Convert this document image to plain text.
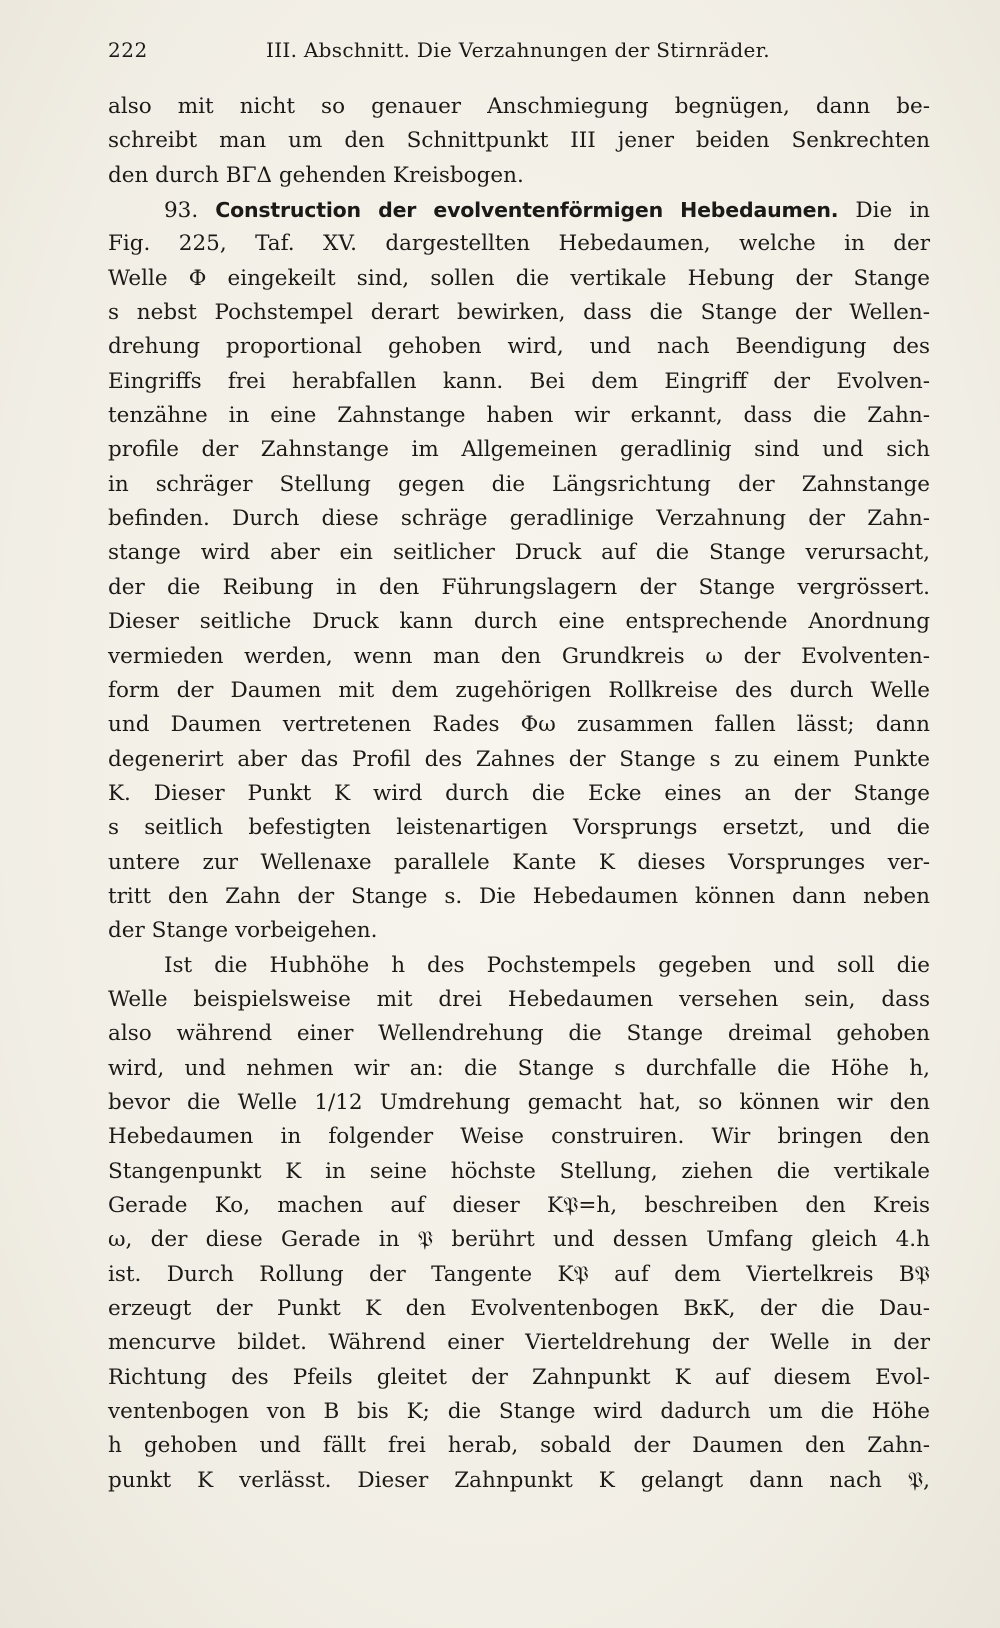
222	III. Abschnitt. Die Verzahnungen der Stirnräder.
also mit nicht so genauer Anschmiegung begnügen, dann be-
schreibt man um den Schnittpunkt III jener beiden Senkrechten
den durch BΓΔ gehenden Kreisbogen.
93. Construction der evolventenförmigen Hebedaumen. Die in
Fig. 225, Taf. XV. dargestellten Hebedaumen, welche in der
Welle Φ eingekeilt sind, sollen die vertikale Hebung der Stange
s nebst Pochstempel derart bewirken, dass die Stange der Wellen-
drehung proportional gehoben wird, und nach Beendigung des
Eingriffs frei herabfallen kann. Bei dem Eingriff der Evolven-
tenzähne in eine Zahnstange haben wir erkannt, dass die Zahn-
profile der Zahnstange im Allgemeinen geradlinig sind und sich
in schräger Stellung gegen die Längsrichtung der Zahnstange
befinden. Durch diese schräge geradlinige Verzahnung der Zahn-
stange wird aber ein seitlicher Druck auf die Stange verursacht,
der die Reibung in den Führungslagern der Stange vergrössert.
Dieser seitliche Druck kann durch eine entsprechende Anordnung
vermieden werden, wenn man den Grundkreis ω der Evolventen-
form der Daumen mit dem zugehörigen Rollkreise des durch Welle
und Daumen vertretenen Rades Φω zusammen fallen lässt; dann
degenerirt aber das Profil des Zahnes der Stange s zu einem Punkte
K. Dieser Punkt K wird durch die Ecke eines an der Stange
s seitlich befestigten leistenartigen Vorsprungs ersetzt, und die
untere zur Wellenaxe parallele Kante K dieses Vorsprunges ver-
tritt den Zahn der Stange s. Die Hebedaumen können dann neben
der Stange vorbeigehen.
Ist die Hubhöhe h des Pochstempels gegeben und soll die
Welle beispielsweise mit drei Hebedaumen versehen sein, dass
also während einer Wellendrehung die Stange dreimal gehoben
wird, und nehmen wir an: die Stange s durchfalle die Höhe h,
bevor die Welle 1/12 Umdrehung gemacht hat, so können wir den
Hebedaumen in folgender Weise construiren. Wir bringen den
Stangenpunkt K in seine höchste Stellung, ziehen die vertikale
Gerade Ko, machen auf dieser K𝔓=h, beschreiben den Kreis
ω, der diese Gerade in 𝔓 berührt und dessen Umfang gleich 4.h
ist. Durch Rollung der Tangente K𝔓 auf dem Viertelkreis B𝔓
erzeugt der Punkt K den Evolventenbogen BκK, der die Dau-
mencurve bildet. Während einer Vierteldrehung der Welle in der
Richtung des Pfeils gleitet der Zahnpunkt K auf diesem Evol-
ventenbogen von B bis K; die Stange wird dadurch um die Höhe
h gehoben und fällt frei herab, sobald der Daumen den Zahn-
punkt K verlässt. Dieser Zahnpunkt K gelangt dann nach 𝔓,
